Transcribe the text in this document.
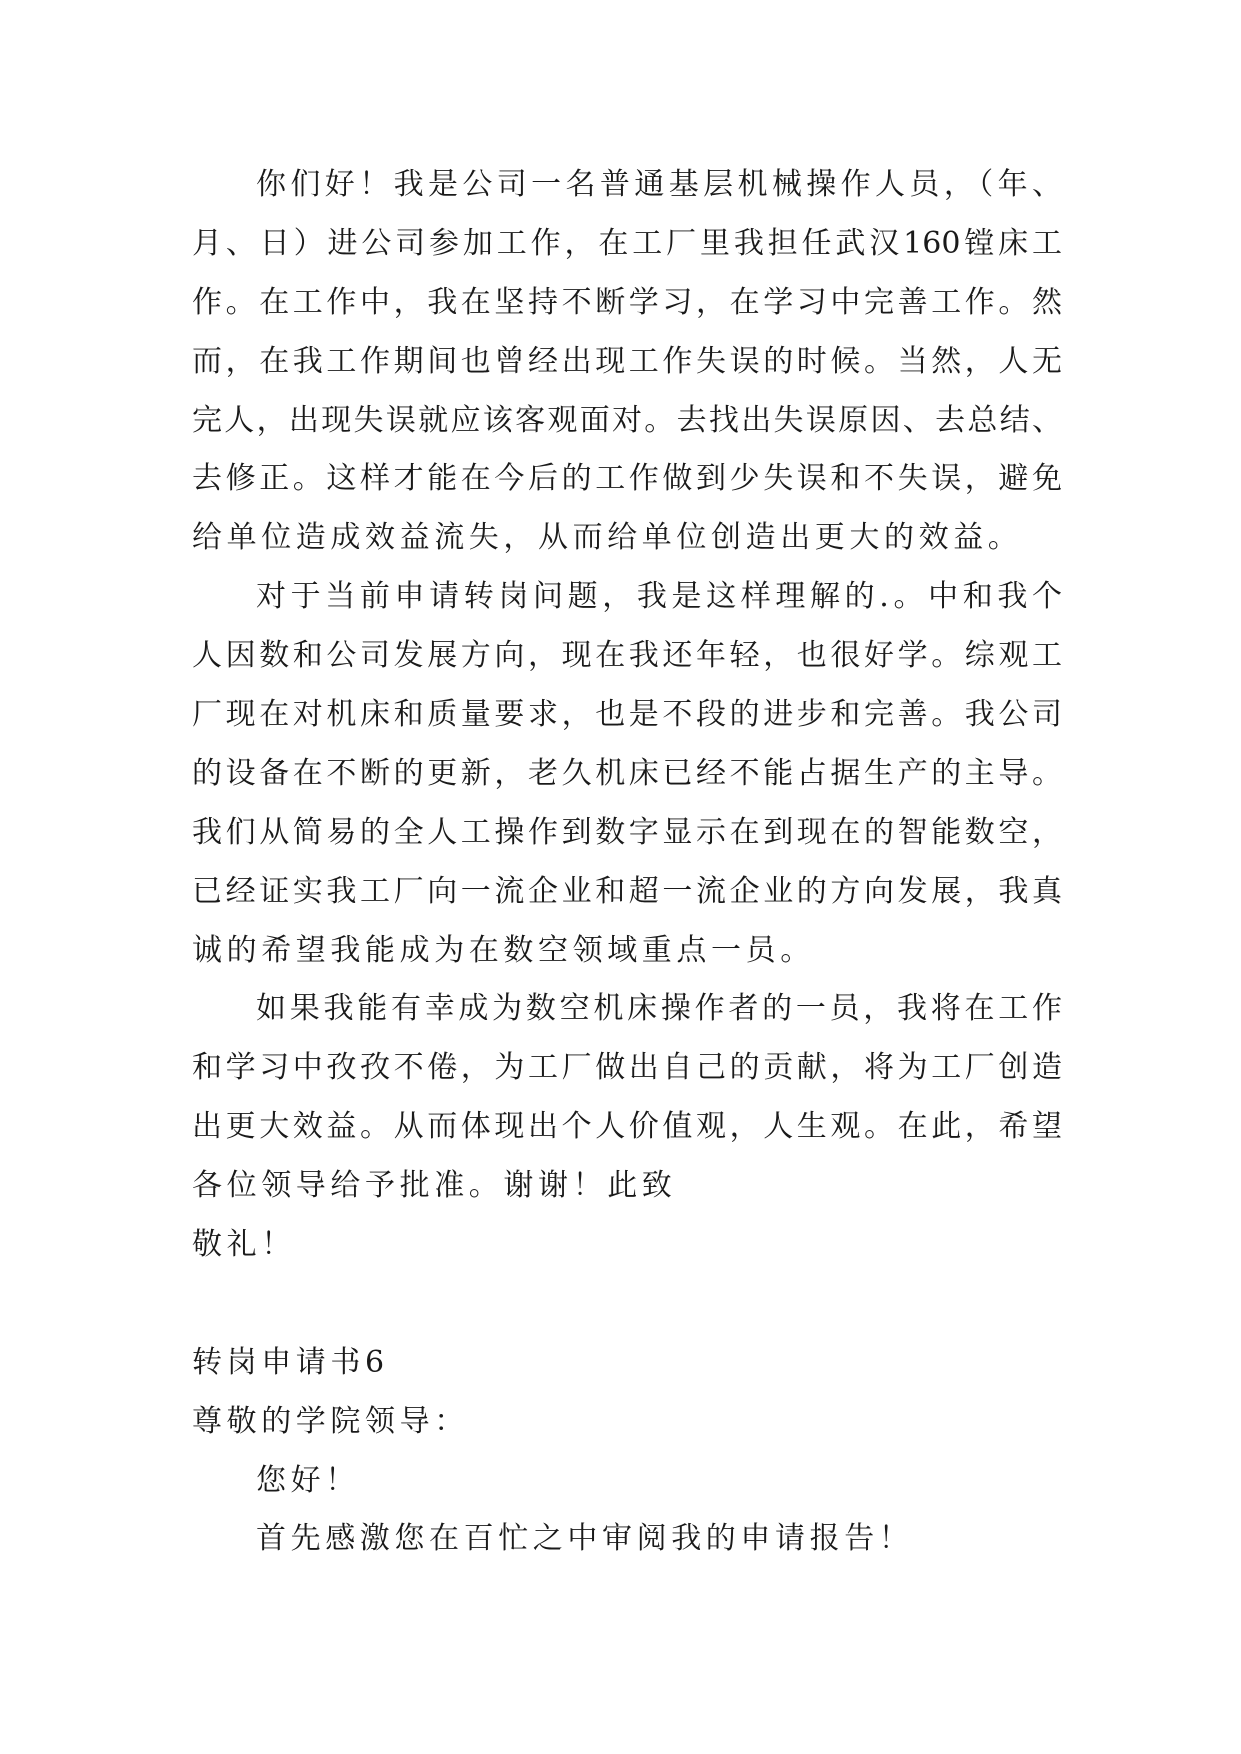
你们好！我是公司一名普通基层机械操作人员，（年、
月、日）进公司参加工作，在工厂里我担任武汉160镗床工
作。在工作中，我在坚持不断学习，在学习中完善工作。然
而，在我工作期间也曾经出现工作失误的时候。当然，人无
完人，出现失误就应该客观面对。去找出失误原因、去总结、
去修正。这样才能在今后的工作做到少失误和不失误，避免
给单位造成效益流失，从而给单位创造出更大的效益。
对于当前申请转岗问题，我是这样理解的.。中和我个
人因数和公司发展方向，现在我还年轻，也很好学。综观工
厂现在对机床和质量要求，也是不段的进步和完善。我公司
的设备在不断的更新，老久机床已经不能占据生产的主导。
我们从简易的全人工操作到数字显示在到现在的智能数空，
已经证实我工厂向一流企业和超一流企业的方向发展，我真
诚的希望我能成为在数空领域重点一员。
如果我能有幸成为数空机床操作者的一员，我将在工作
和学习中孜孜不倦，为工厂做出自己的贡献，将为工厂创造
出更大效益。从而体现出个人价值观，人生观。在此，希望
各位领导给予批准。谢谢！此致
敬礼！
转岗申请书6
尊敬的学院领导：
您好！
首先感激您在百忙之中审阅我的申请报告！
